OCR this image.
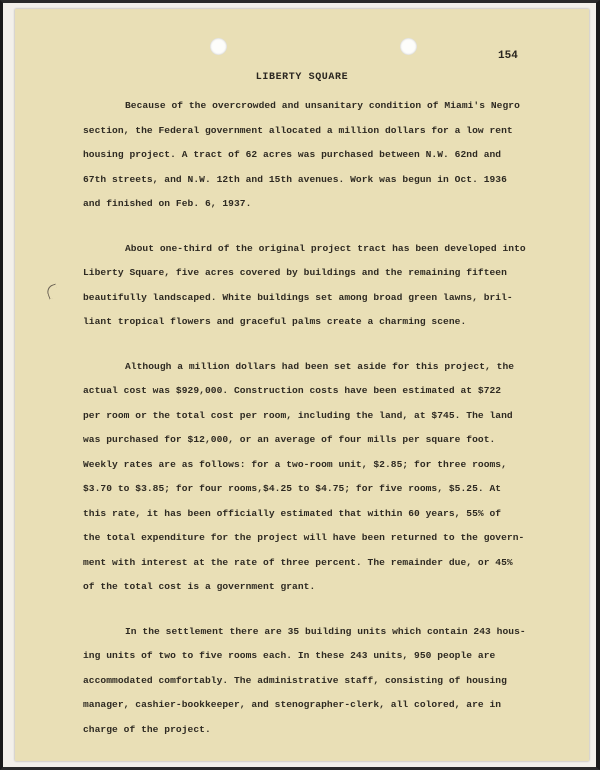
154
LIBERTY SQUARE

Because of the overcrowded and unsanitary condition of Miami's Negro
section, the Federal government allocated a million dollars for a low rent
housing project. A tract of 62 acres was purchased between N.W. 62nd and
67th streets, and N.W. 12th and 15th avenues. Work was begun in Oct. 1936
and finished on Feb. 6, 1937.

About one-third of the original project tract has been developed into
Liberty Square, five acres covered by buildings and the remaining fifteen
beautifully landscaped. White buildings set among broad green lawns, bril-
liant tropical flowers and graceful palms create a charming scene.

Although a million dollars had been set aside for this project, the
actual cost was $929,000. Construction costs have been estimated at $722
per room or the total cost per room, including the land, at $745. The land
was purchased for $12,000, or an average of four mills per square foot.
Weekly rates are as follows: for a two-room unit, $2.85; for three rooms,
$3.70 to $3.85; for four rooms,$4.25 to $4.75; for five rooms, $5.25. At
this rate, it has been officially estimated that within 60 years, 55% of
the total expenditure for the project will have been returned to the govern-
ment with interest at the rate of three percent. The remainder due, or 45%
of the total cost is a government grant.

In the settlement there are 35 building units which contain 243 hous-
ing units of two to five rooms each. In these 243 units, 950 people are
accommodated comfortably. The administrative staff, consisting of housing
manager, cashier-bookkeeper, and stenographer-clerk, all colored, are in
charge of the project.
